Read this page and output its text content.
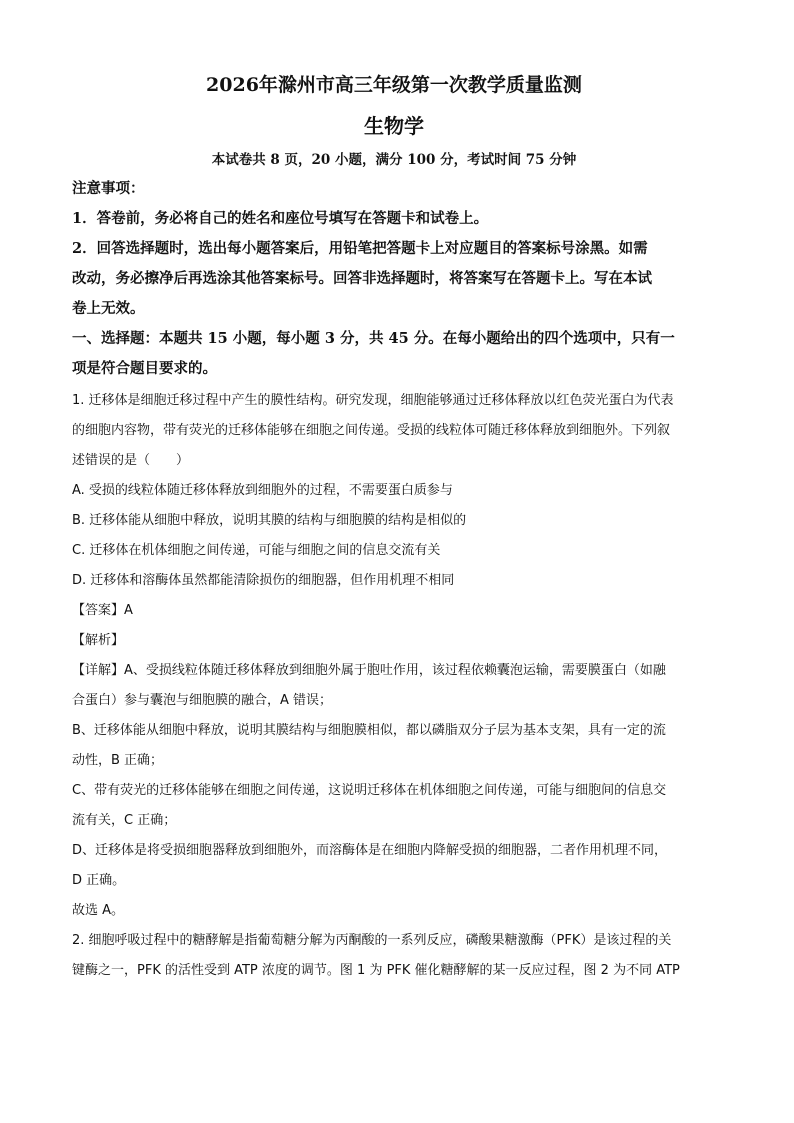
2026年滁州市高三年级第一次教学质量监测
生物学
本试卷共 8 页，20 小题，满分 100 分，考试时间 75 分钟
注意事项：
1．答卷前，务必将自己的姓名和座位号填写在答题卡和试卷上。
2．回答选择题时，选出每小题答案后，用铅笔把答题卡上对应题目的答案标号涂黑。如需
改动，务必擦净后再选涂其他答案标号。回答非选择题时，将答案写在答题卡上。写在本试
卷上无效。
一、选择题：本题共 15 小题，每小题 3 分，共 45 分。在每小题给出的四个选项中，只有一
项是符合题目要求的。
1. 迁移体是细胞迁移过程中产生的膜性结构。研究发现，细胞能够通过迁移体释放以红色荧光蛋白为代表
的细胞内容物，带有荧光的迁移体能够在细胞之间传递。受损的线粒体可随迁移体释放到细胞外。下列叙
述错误的是（　　）
A. 受损的线粒体随迁移体释放到细胞外的过程，不需要蛋白质参与
B. 迁移体能从细胞中释放，说明其膜的结构与细胞膜的结构是相似的
C. 迁移体在机体细胞之间传递，可能与细胞之间的信息交流有关
D. 迁移体和溶酶体虽然都能清除损伤的细胞器，但作用机理不相同
【答案】A
【解析】
【详解】A、受损线粒体随迁移体释放到细胞外属于胞吐作用，该过程依赖囊泡运输，需要膜蛋白（如融
合蛋白）参与囊泡与细胞膜的融合，A 错误；
B、迁移体能从细胞中释放，说明其膜结构与细胞膜相似，都以磷脂双分子层为基本支架，具有一定的流
动性，B 正确；
C、带有荧光的迁移体能够在细胞之间传递，这说明迁移体在机体细胞之间传递，可能与细胞间的信息交
流有关，C 正确；
D、迁移体是将受损细胞器释放到细胞外，而溶酶体是在细胞内降解受损的细胞器，二者作用机理不同，
D 正确。
故选 A。
2. 细胞呼吸过程中的糖酵解是指葡萄糖分解为丙酮酸的一系列反应，磷酸果糖激酶（PFK）是该过程的关
键酶之一，PFK 的活性受到 ATP 浓度的调节。图 1 为 PFK 催化糖酵解的某一反应过程，图 2 为不同 ATP
